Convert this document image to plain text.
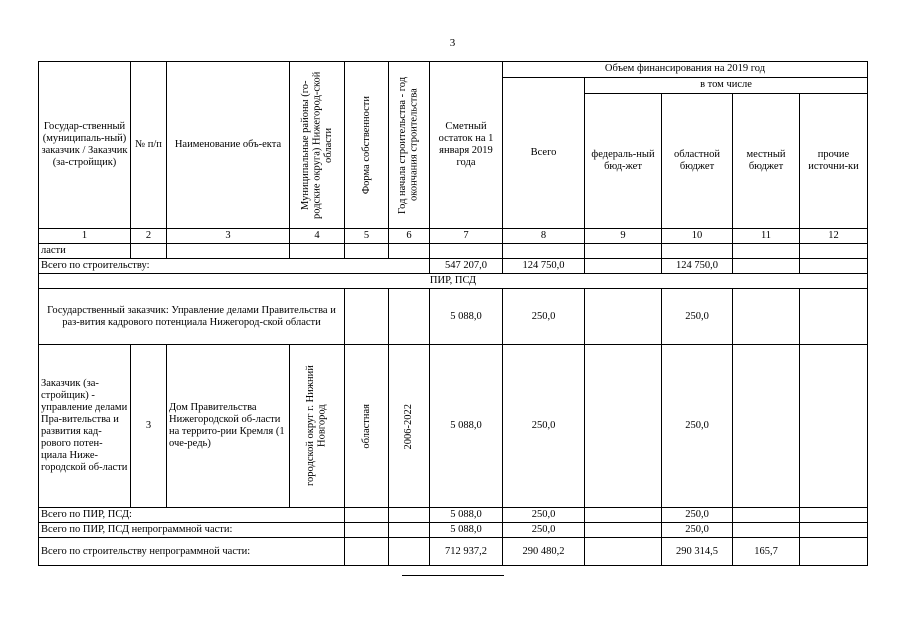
3
Государ-ственный (муниципаль-ный) заказчик / Заказчик (за-стройщик)	№ п/п	Наименование объ-екта	Муниципальные районы (го-родские округа) Нижегород-ской области	Форма собственности	Год начала строительства - год окончания строительства	Сметный остаток на 1 января 2019 года	Объем финансирования на 2019 год				
							Всего	в том числе			
								федераль-ный бюд-жет	областной бюджет	местный бюджет	прочие источни-ки
1	2	3	4	5	6	7	8	9	10	11	12
ласти											
Всего по строительству:						547 207,0	124 750,0		124 750,0		
ПИР, ПСД											
Государственный заказчик: Управление делами Правительства и раз-вития кадрового потенциала Нижегород-ской области						5 088,0	250,0		250,0		
Заказчик (за-стройщик) - управление делами Пра-вительства и развития кад-рового потен-циала Ниже-городской об-ласти	3	Дом Правительства Нижегородской об-ласти на террито-рии Кремля (1 оче-редь)	городской округ г. Нижний Новгород	областная	2006-2022	5 088,0	250,0		250,0		
Всего по ПИР, ПСД:						5 088,0	250,0		250,0		
Всего по ПИР, ПСД непрограммной части:						5 088,0	250,0		250,0		
Всего по строительству непрограммной части:						712 937,2	290 480,2		290 314,5	165,7	
